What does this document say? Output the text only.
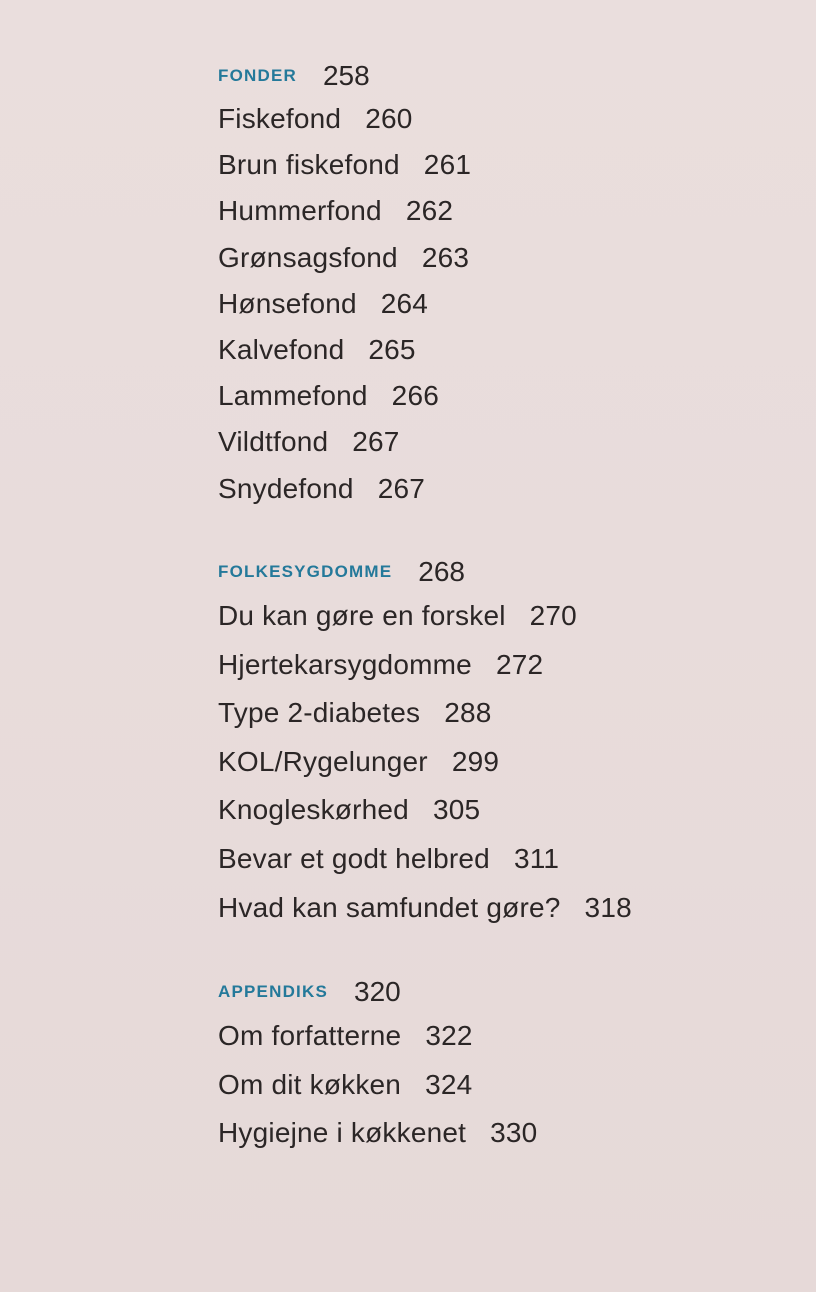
FONDER 258
Fiskefond 260
Brun fiskefond 261
Hummerfond 262
Grønsagsfond 263
Hønsefond 264
Kalvefond 265
Lammefond 266
Vildtfond 267
Snydefond 267
FOLKESYGDOMME 268
Du kan gøre en forskel 270
Hjertekarsygdomme 272
Type 2-diabetes 288
KOL/Rygelunger 299
Knogleskørhed 305
Bevar et godt helbred 311
Hvad kan samfundet gøre? 318
APPENDIKS 320
Om forfatterne 322
Om dit køkken 324
Hygiejne i køkkenet 330
